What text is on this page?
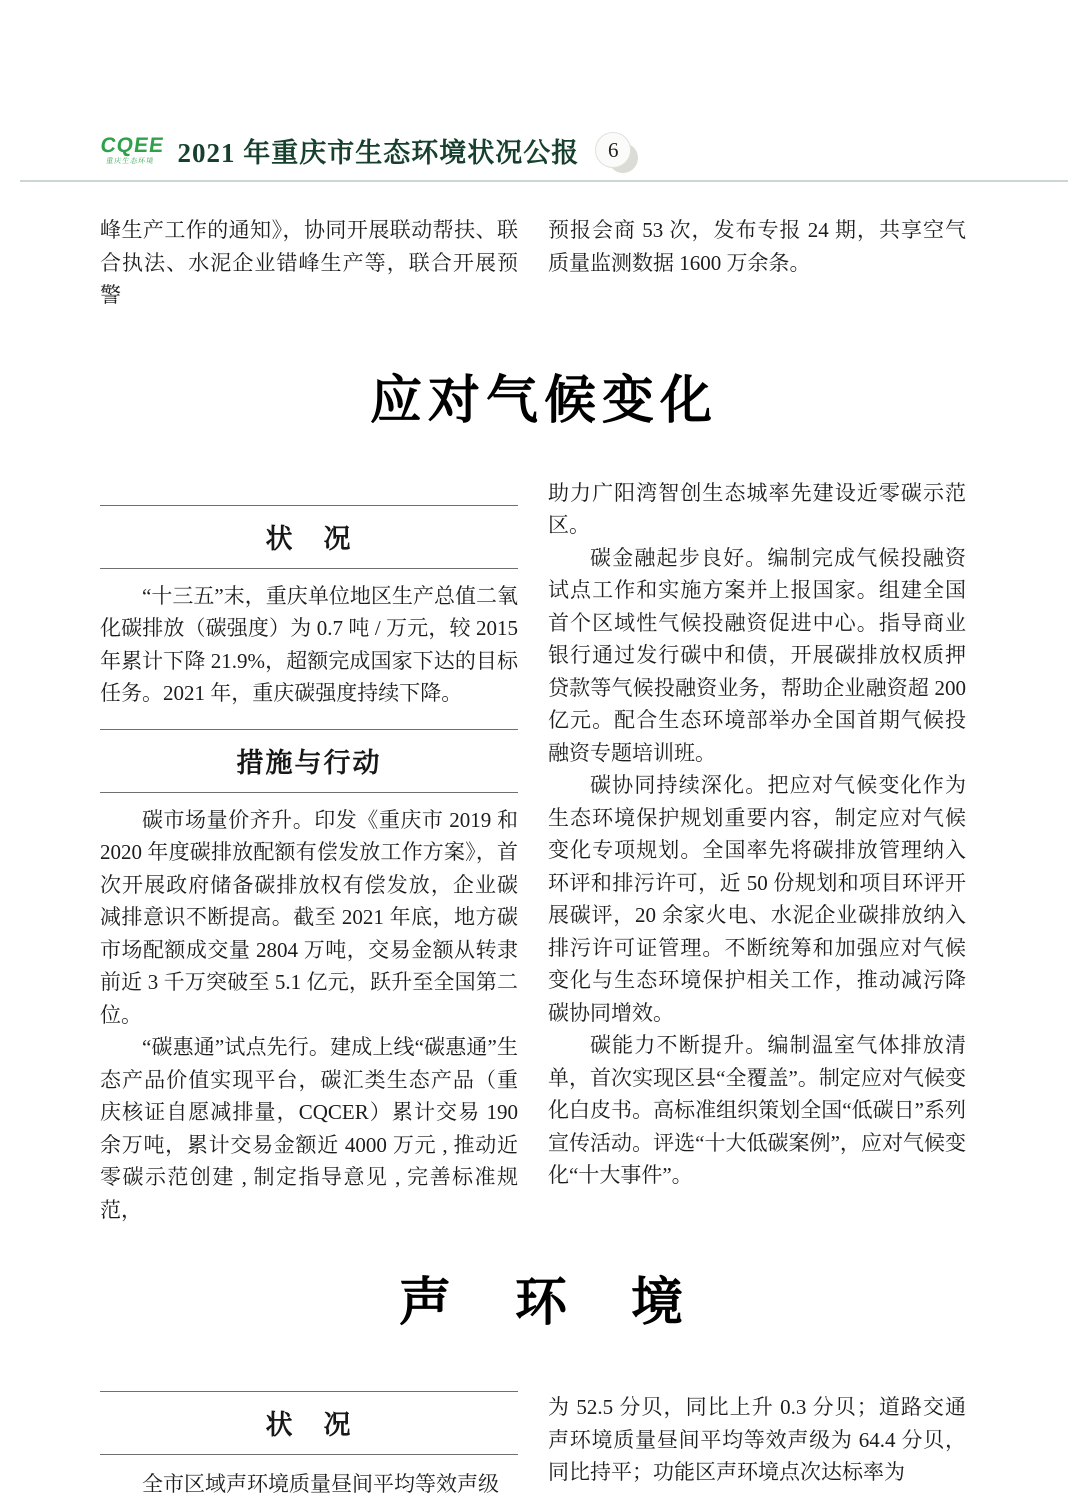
CQEE
重庆生态环境 2021 年重庆市生态环境状况公报	6

峰生产工作的通知》，协同开展联动帮扶、联合执法、水泥企业错峰生产等，联合开展预警

预报会商 53 次，发布专报 24 期，共享空气质量监测数据 1600 万余条。

应对气候变化
状　况

“十三五”末，重庆单位地区生产总值二氧化碳排放（碳强度）为 0.7 吨 / 万元，较 2015 年累计下降 21.9%，超额完成国家下达的目标任务。2021 年，重庆碳强度持续下降。

措施与行动

碳市场量价齐升。印发《重庆市 2019 和 2020 年度碳排放配额有偿发放工作方案》，首次开展政府储备碳排放权有偿发放，企业碳减排意识不断提高。截至 2021 年底，地方碳市场配额成交量 2804 万吨，交易金额从转隶前近 3 千万突破至 5.1 亿元，跃升至全国第二位。

“碳惠通”试点先行。建成上线“碳惠通”生态产品价值实现平台，碳汇类生态产品（重庆核证自愿减排量，CQCER）累计交易 190 余万吨，累计交易金额近 4000 万元 , 推动近零碳示范创建 , 制定指导意见 , 完善标准规范，

助力广阳湾智创生态城率先建设近零碳示范区。

碳金融起步良好。编制完成气候投融资试点工作和实施方案并上报国家。组建全国首个区域性气候投融资促进中心。指导商业银行通过发行碳中和债，开展碳排放权质押贷款等气候投融资业务，帮助企业融资超 200 亿元。配合生态环境部举办全国首期气候投融资专题培训班。

碳协同持续深化。把应对气候变化作为生态环境保护规划重要内容，制定应对气候变化专项规划。全国率先将碳排放管理纳入环评和排污许可，近 50 份规划和项目环评开展碳评，20 余家火电、水泥企业碳排放纳入排污许可证管理。不断统筹和加强应对气候变化与生态环境保护相关工作，推动减污降碳协同增效。

碳能力不断提升。编制温室气体排放清单，首次实现区县“全覆盖”。制定应对气候变化白皮书。高标准组织策划全国“低碳日”系列宣传活动。评选“十大低碳案例”，应对气候变化“十大事件”。

声　环　境
状　况

全市区域声环境质量昼间平均等效声级

为 52.5 分贝，同比上升 0.3 分贝；道路交通声环境质量昼间平均等效声级为 64.4 分贝，同比持平；功能区声环境点次达标率为
